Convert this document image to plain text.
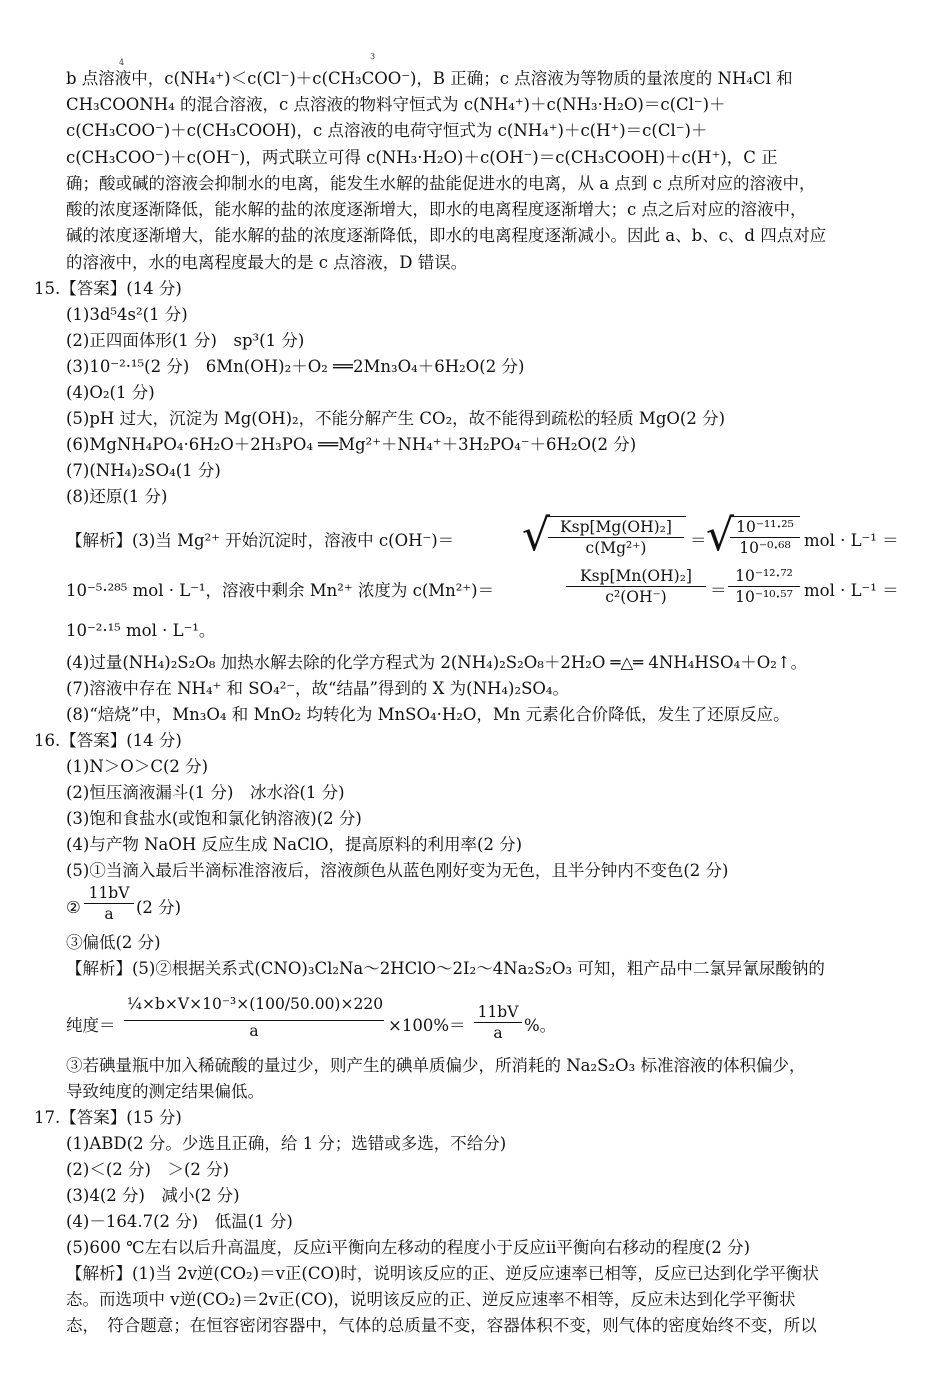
4
3
b 点溶液中，c(NH₄⁺)＜c(Cl⁻)＋c(CH₃COO⁻)，B 正确；c 点溶液为等物质的量浓度的 NH₄Cl 和
CH₃COONH₄ 的混合溶液，c 点溶液的物料守恒式为 c(NH₄⁺)＋c(NH₃·H₂O)＝c(Cl⁻)＋
c(CH₃COO⁻)＋c(CH₃COOH)，c 点溶液的电荷守恒式为 c(NH₄⁺)＋c(H⁺)＝c(Cl⁻)＋
c(CH₃COO⁻)＋c(OH⁻)，两式联立可得 c(NH₃·H₂O)＋c(OH⁻)＝c(CH₃COOH)＋c(H⁺)，C 正
确；酸或碱的溶液会抑制水的电离，能发生水解的盐能促进水的电离，从 a 点到 c 点所对应的溶液中，
酸的浓度逐渐降低，能水解的盐的浓度逐渐增大，即水的电离程度逐渐增大；c 点之后对应的溶液中，
碱的浓度逐渐增大，能水解的盐的浓度逐渐降低，即水的电离程度逐渐减小。因此 a、b、c、d 四点对应
的溶液中，水的电离程度最大的是 c 点溶液，D 错误。
15.【答案】(14 分)
(1)3d⁵4s²(1 分)
(2)正四面体形(1 分)　sp³(1 分)
(3)10⁻²·¹⁵(2 分)　6Mn(OH)₂＋O₂ ══2Mn₃O₄＋6H₂O(2 分)
(4)O₂(1 分)
(5)pH 过大，沉淀为 Mg(OH)₂，不能分解产生 CO₂，故不能得到疏松的轻质 MgO(2 分)
(6)MgNH₄PO₄·6H₂O＋2H₃PO₄ ══Mg²⁺＋NH₄⁺＋3H₂PO₄⁻＋6H₂O(2 分)
(7)(NH₄)₂SO₄(1 分)
(8)还原(1 分)
【解析】(3)当 Mg²⁺ 开始沉淀时，溶液中 c(OH⁻)＝ √ Ksp[Mg(OH)₂]
c(Mg²⁺)	＝ √
$\frac{\text{10⁻¹¹·²⁵}}{\text{10⁻⁰·⁶⁸}}$ mol · L⁻¹ ＝
10⁻⁵·²⁸⁵ mol · L⁻¹，溶液中剩余 Mn²⁺ 浓度为 c(Mn²⁺)＝
Ksp[Mn(OH)₂]
c²(OH⁻)	＝ $\frac{\text{10⁻¹²·⁷²}}{\text{10⁻¹⁰·⁵⁷}}$ mol · L⁻¹ ＝
10⁻²·¹⁵ mol · L⁻¹。
(4)过量(NH₄)₂S₂O₈ 加热水解去除的化学方程式为 2(NH₄)₂S₂O₈＋2H₂O ═△═ 4NH₄HSO₄＋O₂↑。
(7)溶液中存在 NH₄⁺ 和 SO₄²⁻，故“结晶”得到的 X 为(NH₄)₂SO₄。
(8)“焙烧”中，Mn₃O₄ 和 MnO₂ 均转化为 MnSO₄·H₂O，Mn 元素化合价降低，发生了还原反应。
16.【答案】(14 分)
(1)N＞O＞C(2 分)
(2)恒压滴液漏斗(1 分)　冰水浴(1 分)
(3)饱和食盐水(或饱和氯化钠溶液)(2 分)
(4)与产物 NaOH 反应生成 NaClO，提高原料的利用率(2 分)
(5)①当滴入最后半滴标准溶液后，溶液颜色从蓝色刚好变为无色，且半分钟内不变色(2 分)
② $\frac{11bV}{a} (2$ 分)
③偏低(2 分)
【解析】(5)②根据关系式(CNO)₃Cl₂Na～2HClO～2I₂～4Na₂S₂O₃ 可知，粗产品中二氯异氰尿酸钠的
纯度＝ $\frac{\text{¼×b×V×10⁻³×(100/50.00)×220}}{a} \times 100\%= \frac{11bV}{a}$ %。
③若碘量瓶中加入稀硫酸的量过少，则产生的碘单质偏少，所消耗的 Na₂S₂O₃ 标准溶液的体积偏少，
导致纯度的测定结果偏低。
17.【答案】(15 分)
(1)ABD(2 分。少选且正确，给 1 分；选错或多选，不给分)
(2)＜(2 分)　＞(2 分)
(3)4(2 分)　减小(2 分)
(4)－164.7(2 分)　低温(1 分)
(5)600 ℃左右以后升高温度，反应ⅰ平衡向左移动的程度小于反应ⅱ平衡向右移动的程度(2 分)
【解析】(1)当 2v逆(CO₂)＝v正(CO)时，说明该反应的正、逆反应速率已相等，反应已达到化学平衡状
态。而选项中 v逆(CO₂)＝2v正(CO)，说明该反应的正、逆反应速率不相等，反应未达到化学平衡状
态，　符合题意；在恒容密闭容器中，气体的总质量不变，容器体积不变，则气体的密度始终不变，所以
